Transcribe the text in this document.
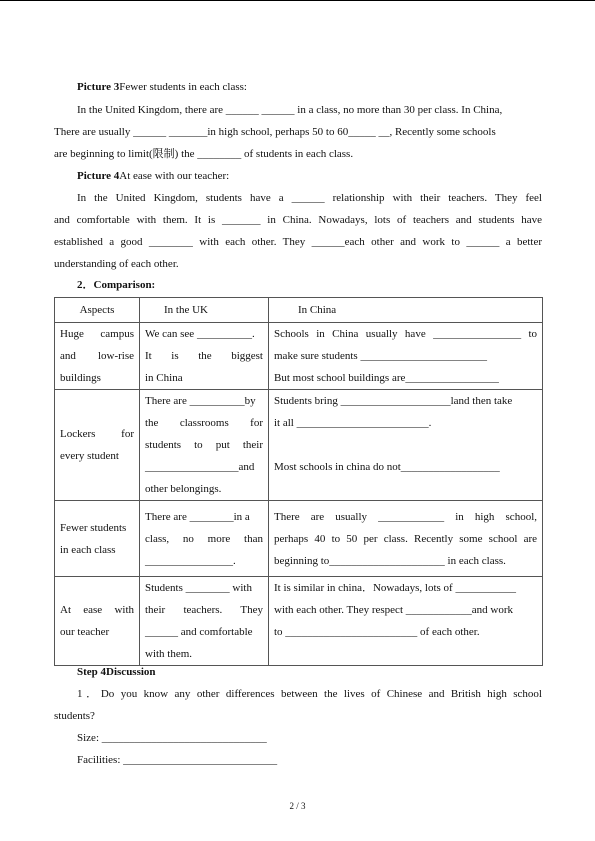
Picture 3Fewer students in each class:

In the United Kingdom, there are ______ ______ in a class, no more than 30 per class. In China,

There are usually ______ _______in high school, perhaps 50 to 60_____ __, Recently some schools

are beginning to limit(限制) the ________ of students in each class.

Picture 4At ease with our teacher:

In the United Kingdom, students have a ______ relationship with their teachers. They feel

and comfortable with them. It is _______ in China. Nowadays, lots of teachers and students have

established a good ________ with each other. They ______each other and work to ______ a better

understanding of each other.

2．Comparison:

Aspects	In the UK	In China

Huge campus
and low-rise
buildings	We can see __________.
It is the biggest
in China	Schools in China usually have ________________ to
make sure students _______________________
But most school buildings are_________________

Lockers for
every student	There are __________by
the classrooms for
students to put their
_________________and
other belongings.	Students bring ____________________land then take
it all ________________________.
Most schools in china do not__________________

Fewer students
in each class	There are ________in a
class, no more than
________________.	There are usually ____________ in high school,
perhaps 40 to 50 per class. Recently some school are
beginning to_____________________ in each class.

At ease with
our teacher	Students ________ with
their teachers. They
______ and comfortable
with them.	It is similar in china．Nowadays, lots of ___________
with each other. They respect ____________and work
to ________________________ of each other.

Step 4Discussion

1．Do you know any other differences between the lives of Chinese and British high school

students?

Size: ______________________________

Facilities: ____________________________

2 / 3
